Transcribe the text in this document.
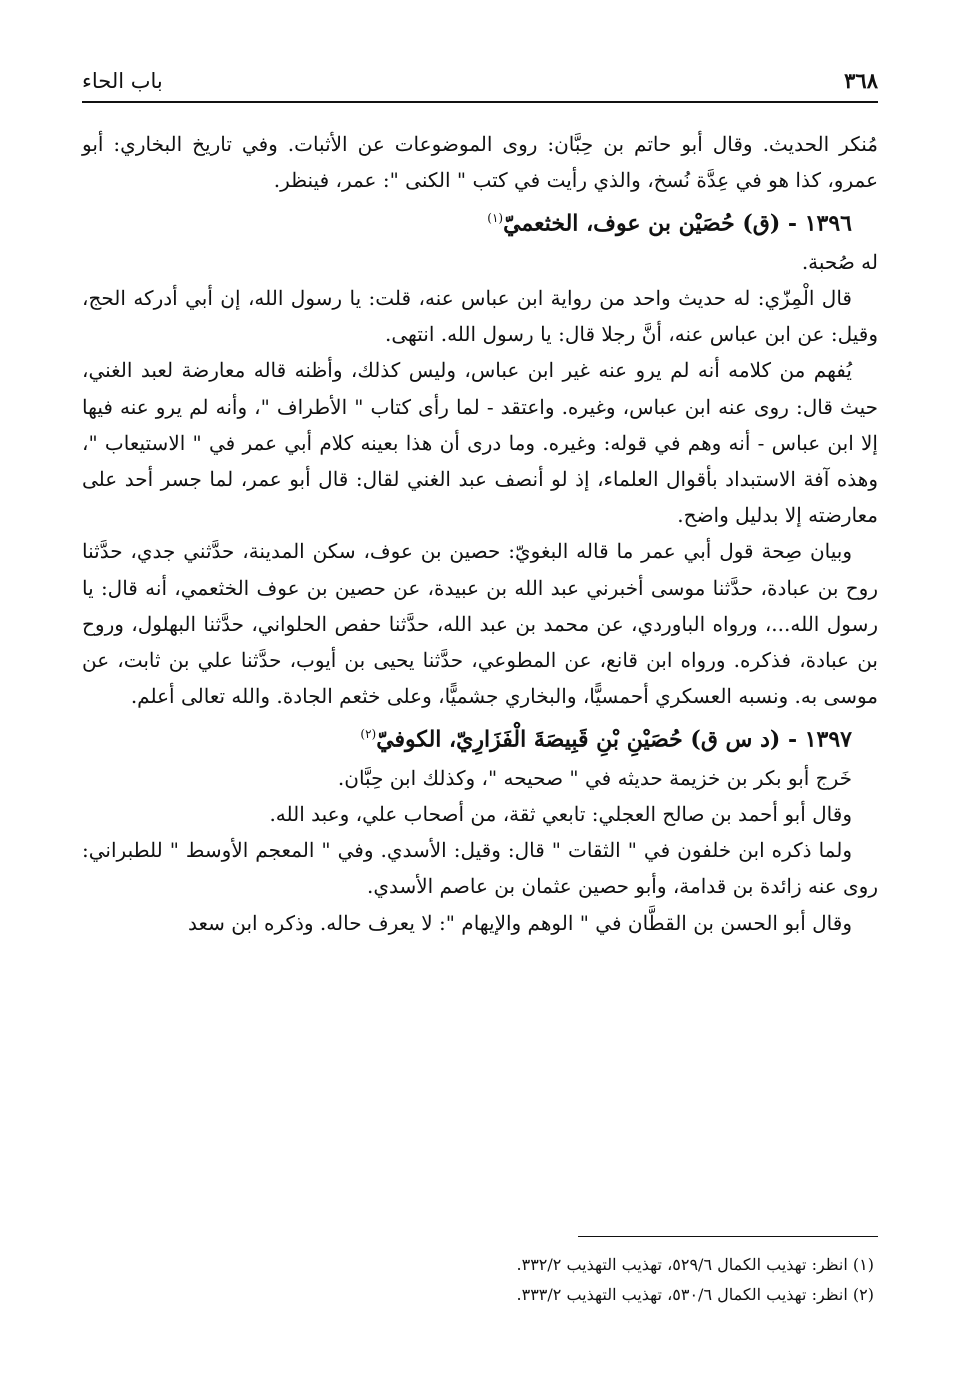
٣٦٨
باب الحاء

مُنكر الحديث. وقال أبو حاتم بن حِبَّان: روى الموضوعات عن الأثبات. وفي تاريخ البخاري: أبو عمرو، كذا هو في عِدَّة نُسخ، والذي رأيت في كتب " الكنى ": عمر، فينظر.

١٣٩٦ - (ق) حُصَيْن بن عوف، الخثعميّ$^{(١)}$

له صُحبة.

قال الْمِزّي: له حديث واحد من رواية ابن عباس عنه، قلت: يا رسول الله، إن أبي أدركه الحج، وقيل: عن ابن عباس عنه، أنَّ رجلا قال: يا رسول الله. انتهى.

يُفهم من كلامه أنه لم يرو عنه غير ابن عباس، وليس كذلك، وأظنه قاله معارضة لعبد الغني، حيث قال: روى عنه ابن عباس، وغيره. واعتقد - لما رأى كتاب " الأطراف "، وأنه لم يرو عنه فيها إلا ابن عباس - أنه وهم في قوله: وغيره. وما درى أن هذا بعينه كلام أبي عمر في " الاستيعاب "، وهذه آفة الاستبداد بأقوال العلماء، إذ لو أنصف عبد الغني لقال: قال أبو عمر، لما جسر أحد على معارضته إلا بدليل واضح.

وبيان صِحة قول أبي عمر ما قاله البغويّ: حصين بن عوف، سكن المدينة، حدَّثني جدي، حدَّثنا روح بن عبادة، حدَّثنا موسى أخبرني عبد الله بن عبيدة، عن حصين بن عوف الخثعمي، أنه قال: يا رسول الله...، ورواه الباوردي، عن محمد بن عبد الله، حدَّثنا حفص الحلواني، حدَّثنا البهلول، وروح بن عبادة، فذكره. ورواه ابن قانع، عن المطوعي، حدَّثنا يحيى بن أيوب، حدَّثنا علي بن ثابت، عن موسى به. ونسبه العسكري أحمسيًّا، والبخاري جشميًّا، وعلى خثعم الجادة. والله تعالى أعلم.

١٣٩٧ - (د س ق) حُصَيْنِ بْنِ قَبِيصَةَ الْفَزَارِيّ، الكوفيّ$^{(٢)}$

خَرج أبو بكر بن خزيمة حديثه في " صحيحه "، وكذلك ابن حِبَّان.

وقال أبو أحمد بن صالح العجلي: تابعي ثقة، من أصحاب علي، وعبد الله.

ولما ذكره ابن خلفون في " الثقات " قال: وقيل: الأسدي. وفي " المعجم الأوسط " للطبراني: روى عنه زائدة بن قدامة، وأبو حصين عثمان بن عاصم الأسدي.

وقال أبو الحسن بن القطَّان في " الوهم والإيهام ": لا يعرف حاله. وذكره ابن سعد

(١) انظر: تهذيب الكمال ٥٢٩/٦، تهذيب التهذيب ٣٣٢/٢.

(٢) انظر: تهذيب الكمال ٥٣٠/٦، تهذيب التهذيب ٣٣٣/٢.
